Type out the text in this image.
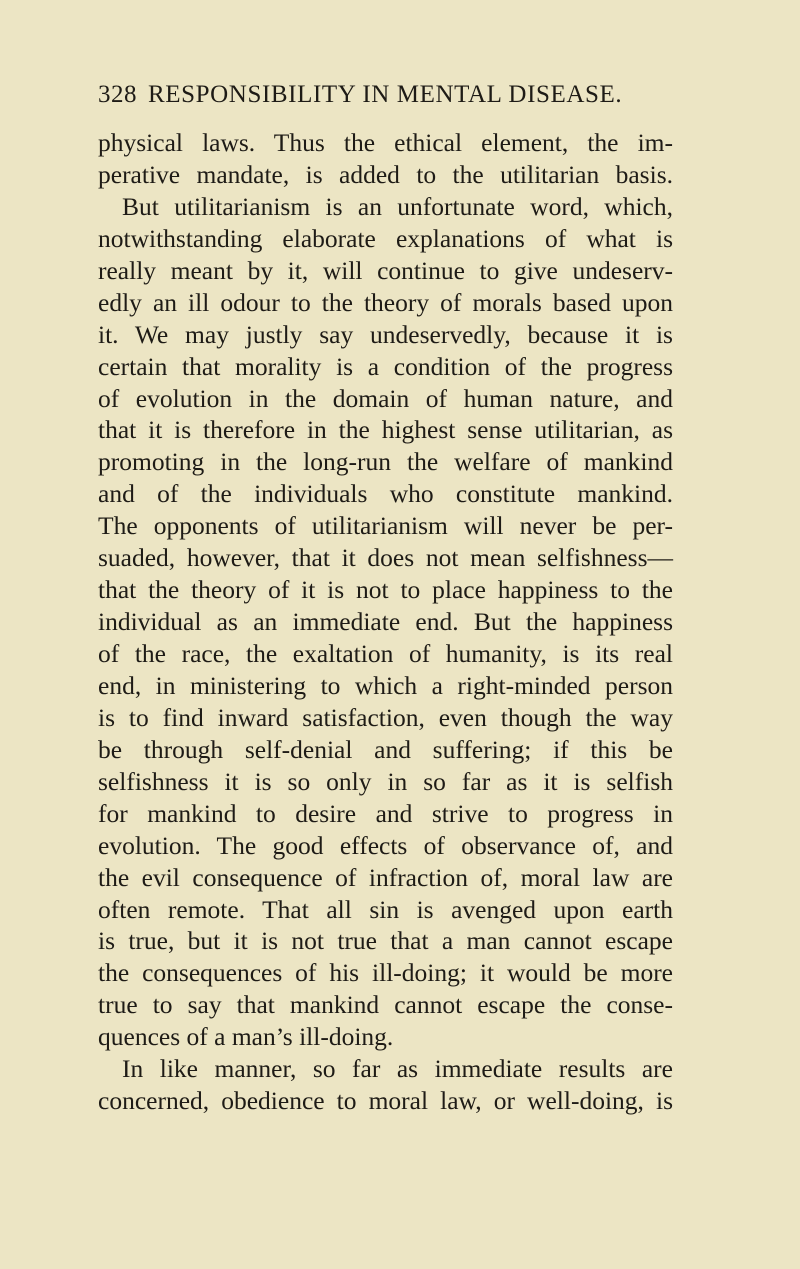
328 RESPONSIBILITY IN MENTAL DISEASE.
physical laws. Thus the ethical element, the im-
perative mandate, is added to the utilitarian basis.
But utilitarianism is an unfortunate word, which,
notwithstanding elaborate explanations of what is
really meant by it, will continue to give undeserv-
edly an ill odour to the theory of morals based upon
it. We may justly say undeservedly, because it is
certain that morality is a condition of the progress
of evolution in the domain of human nature, and
that it is therefore in the highest sense utilitarian, as
promoting in the long-run the welfare of mankind
and of the individuals who constitute mankind.
The opponents of utilitarianism will never be per-
suaded, however, that it does not mean selfishness—
that the theory of it is not to place happiness to the
individual as an immediate end. But the happiness
of the race, the exaltation of humanity, is its real
end, in ministering to which a right-minded person
is to find inward satisfaction, even though the way
be through self-denial and suffering; if this be
selfishness it is so only in so far as it is selfish
for mankind to desire and strive to progress in
evolution. The good effects of observance of, and
the evil consequence of infraction of, moral law are
often remote. That all sin is avenged upon earth
is true, but it is not true that a man cannot escape
the consequences of his ill-doing; it would be more
true to say that mankind cannot escape the conse-
quences of a man’s ill-doing.
In like manner, so far as immediate results are
concerned, obedience to moral law, or well-doing, is
